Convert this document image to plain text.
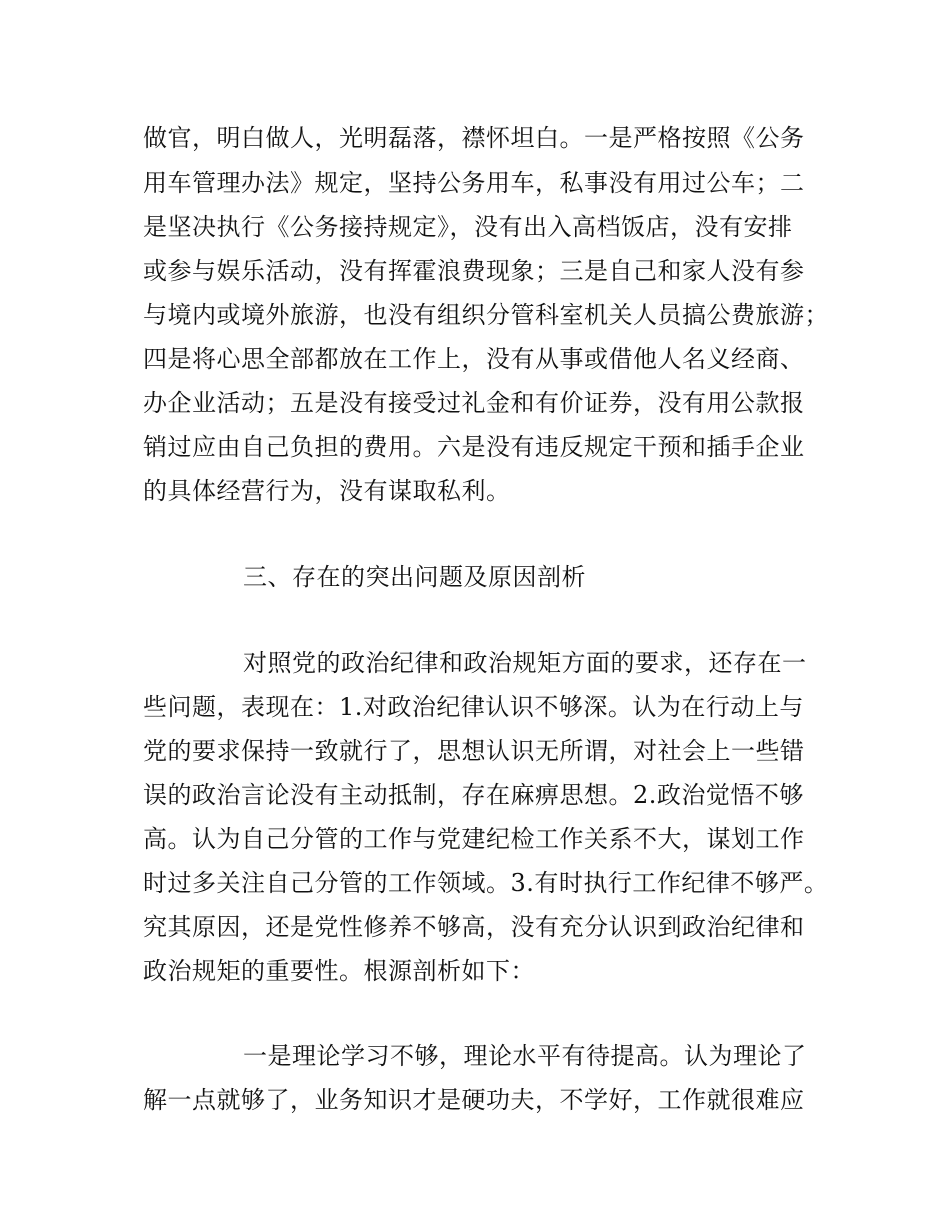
做官，明白做人，光明磊落，襟怀坦白。一是严格按照《公务
用车管理办法》规定，坚持公务用车，私事没有用过公车；二
是坚决执行《公务接持规定》，没有出入高档饭店，没有安排
或参与娱乐活动，没有挥霍浪费现象；三是自己和家人没有参
与境内或境外旅游，也没有组织分管科室机关人员搞公费旅游；
四是将心思全部都放在工作上，没有从事或借他人名义经商、
办企业活动；五是没有接受过礼金和有价证券，没有用公款报
销过应由自己负担的费用。六是没有违反规定干预和插手企业
的具体经营行为，没有谋取私利。
三、存在的突出问题及原因剖析
对照党的政治纪律和政治规矩方面的要求，还存在一
些问题，表现在：1.对政治纪律认识不够深。认为在行动上与
党的要求保持一致就行了，思想认识无所谓，对社会上一些错
误的政治言论没有主动抵制，存在麻痹思想。2.政治觉悟不够
高。认为自己分管的工作与党建纪检工作关系不大，谋划工作
时过多关注自己分管的工作领域。3.有时执行工作纪律不够严。
究其原因，还是党性修养不够高，没有充分认识到政治纪律和
政治规矩的重要性。根源剖析如下：
一是理论学习不够，理论水平有待提高。认为理论了
解一点就够了，业务知识才是硬功夫，不学好，工作就很难应
